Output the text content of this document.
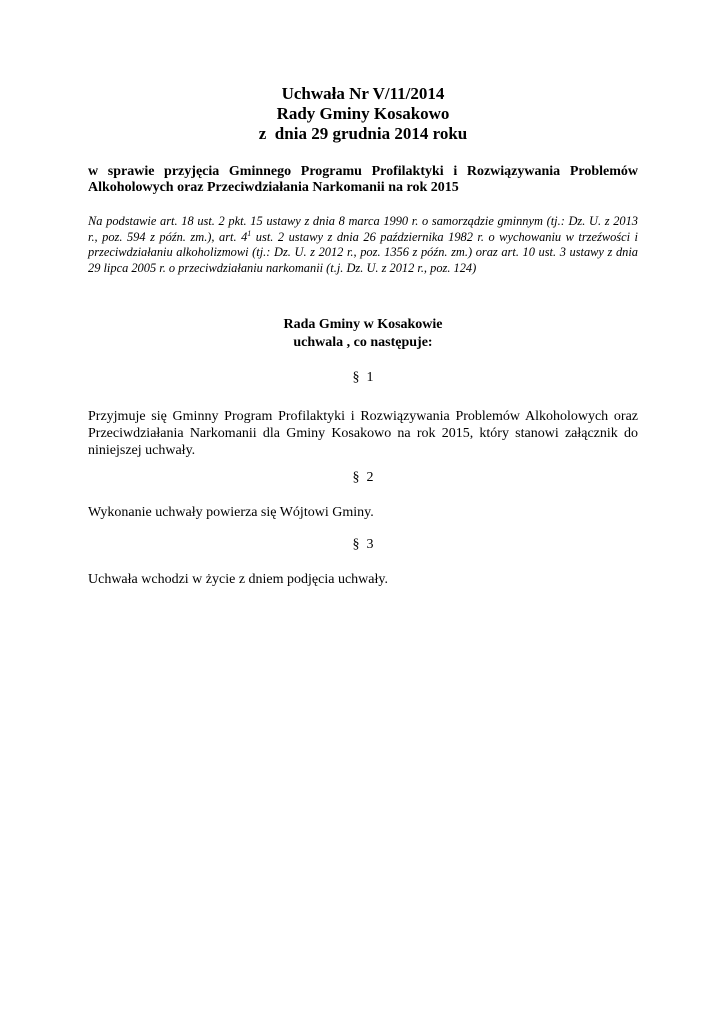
Uchwała Nr V/11/2014

Rady Gminy Kosakowo

z  dnia 29 grudnia 2014 roku

w sprawie przyjęcia Gminnego Programu Profilaktyki i Rozwiązywania Problemów Alkoholowych oraz Przeciwdziałania Narkomanii na rok 2015
Na podstawie art. 18 ust. 2 pkt. 15 ustawy z dnia 8 marca 1990 r. o samorządzie gminnym (tj.: Dz. U. z 2013 r., poz. 594 z późn. zm.), art. $4^1$ ust. 2 ustawy z dnia 26 października 1982 r. o wychowaniu w trzeźwości i przeciwdziałaniu alkoholizmowi (tj.: Dz. U. z 2012 r., poz. 1356 z późn. zm.) oraz art. 10 ust. 3 ustawy z dnia 29 lipca 2005 r. o przeciwdziałaniu narkomanii (t.j. Dz. U. z 2012 r., poz. 124)
Rada Gminy w Kosakowie
uchwala , co następuje:
§  1
Przyjmuje się Gminny Program Profilaktyki i Rozwiązywania Problemów Alkoholowych oraz Przeciwdziałania Narkomanii dla Gminy Kosakowo na rok 2015, który stanowi załącznik do niniejszej uchwały.
§  2
Wykonanie uchwały powierza się Wójtowi Gminy.
§  3
Uchwała wchodzi w życie z dniem podjęcia uchwały.
